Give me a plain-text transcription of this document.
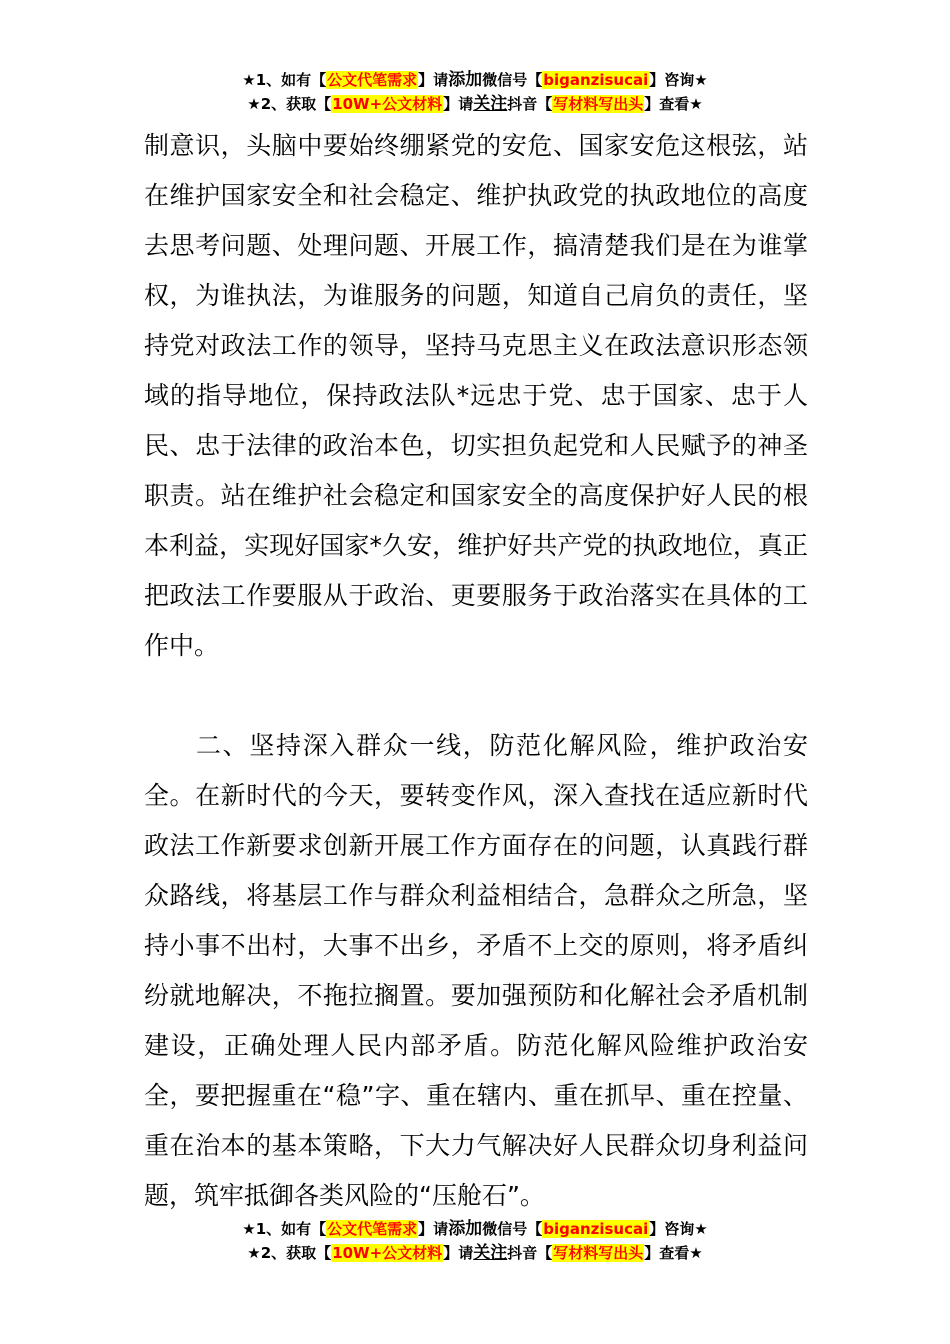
★1、如有【公文代笔需求】请添加微信号【biganzisucai】咨询★
★2、获取【10W+公文材料】请关注抖音【写材料写出头】查看★

制意识，头脑中要始终绷紧党的安危、国家安危这根弦，站在维护国家安全和社会稳定、维护执政党的执政地位的高度去思考问题、处理问题、开展工作，搞清楚我们是在为谁掌权，为谁执法，为谁服务的问题，知道自己肩负的责任，坚持党对政法工作的领导，坚持马克思主义在政法意识形态领域的指导地位，保持政法队*远忠于党、忠于国家、忠于人民、忠于法律的政治本色，切实担负起党和人民赋予的神圣职责。站在维护社会稳定和国家安全的高度保护好人民的根本利益，实现好国家*久安，维护好共产党的执政地位，真正把政法工作要服从于政治、更要服务于政治落实在具体的工作中。

二、坚持深入群众一线，防范化解风险，维护政治安全。在新时代的今天，要转变作风，深入查找在适应新时代政法工作新要求创新开展工作方面存在的问题，认真践行群众路线，将基层工作与群众利益相结合，急群众之所急，坚持小事不出村，大事不出乡，矛盾不上交的原则，将矛盾纠纷就地解决，不拖拉搁置。要加强预防和化解社会矛盾机制建设，正确处理人民内部矛盾。防范化解风险维护政治安全，要把握重在“稳”字、重在辖内、重在抓早、重在控量、重在治本的基本策略，下大力气解决好人民群众切身利益问题，筑牢抵御各类风险的“压舱石”。

★1、如有【公文代笔需求】请添加微信号【biganzisucai】咨询★
★2、获取【10W+公文材料】请关注抖音【写材料写出头】查看★
